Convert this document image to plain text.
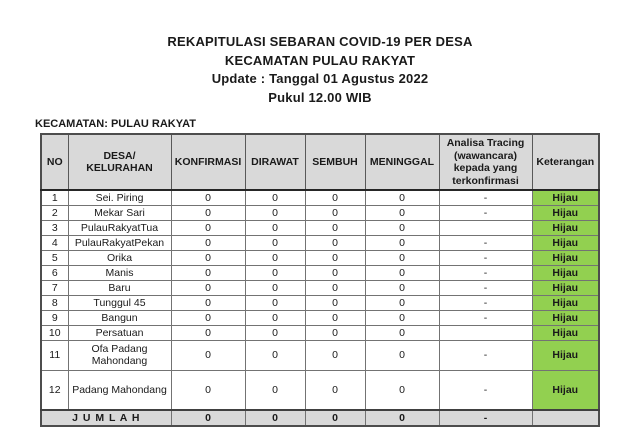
REKAPITULASI SEBARAN COVID-19 PER DESA
KECAMATAN PULAU RAKYAT
Update : Tanggal 01 Agustus 2022
Pukul 12.00 WIB
KECAMATAN: PULAU RAKYAT
NO	DESA/ KELURAHAN	KONFIRMASI	DIRAWAT	SEMBUH	MENINGGAL	Analisa Tracing (wawancara) kepada yang terkonfirmasi	Keterangan
1	Sei. Piring	0	0	0	0	-	Hijau
2	Mekar Sari	0	0	0	0	-	Hijau
3	PulauRakyatTua	0	0	0	0		Hijau
4	PulauRakyatPekan	0	0	0	0	-	Hijau
5	Orika	0	0	0	0	-	Hijau
6	Manis	0	0	0	0	-	Hijau
7	Baru	0	0	0	0	-	Hijau
8	Tunggul 45	0	0	0	0	-	Hijau
9	Bangun	0	0	0	0	-	Hijau
10	Persatuan	0	0	0	0		Hijau
11	Ofa Padang Mahondang	0	0	0	0	-	Hijau
12	Padang Mahondang	0	0	0	0	-	Hijau
J U M L A H		0	0	0	0	-	
